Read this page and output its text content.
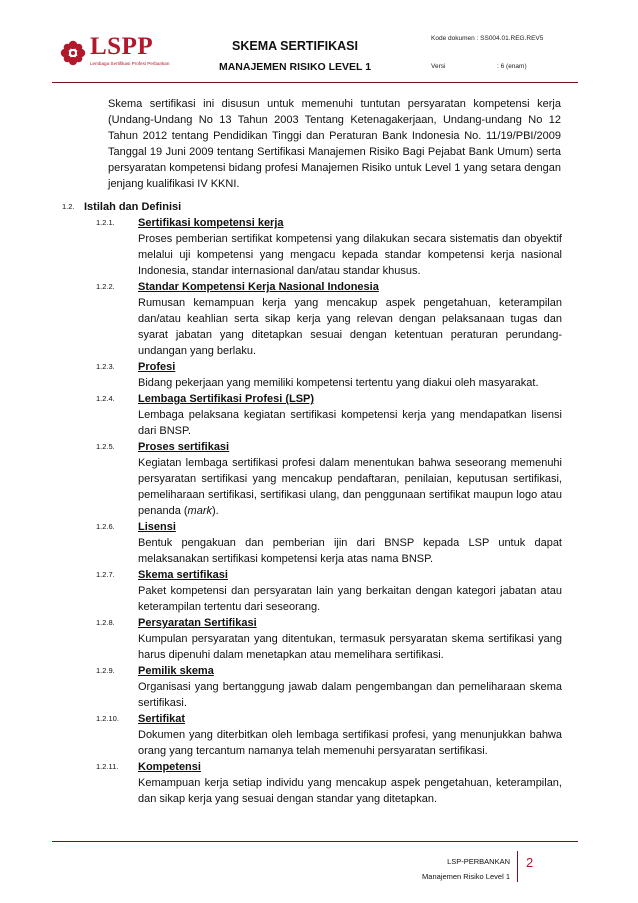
LSPP
Lembaga Sertifikasi Profesi Perbankan
SKEMA SERTIFIKASI
MANAJEMEN RISIKO LEVEL 1
Kode dokumen : SS004.01.REG.REV5
Versi	: 6 (enam)

Skema sertifikasi ini disusun untuk memenuhi tuntutan persyaratan kompetensi kerja (Undang-Undang No 13 Tahun 2003 Tentang Ketenagakerjaan, Undang-undang No 12 Tahun 2012 tentang Pendidikan Tinggi dan Peraturan Bank Indonesia No. 11/19/PBI/2009 Tanggal 19 Juni 2009 tentang Sertifikasi Manajemen Risiko Bagi Pejabat Bank Umum) serta persyaratan kompetensi bidang profesi Manajemen Risiko untuk Level 1 yang setara dengan jenjang kualifikasi IV KKNI.

1.2. Istilah dan Definisi
1.2.1.	Sertifikasi kompetensi kerja
Proses pemberian sertifikat kompetensi yang dilakukan secara sistematis dan obyektif melalui uji kompetensi yang mengacu kepada standar kompetensi kerja nasional Indonesia, standar internasional dan/atau standar khusus.
1.2.2.	Standar Kompetensi Kerja Nasional Indonesia
Rumusan kemampuan kerja yang mencakup aspek pengetahuan, keterampilan dan/atau keahlian serta sikap kerja yang relevan dengan pelaksanaan tugas dan syarat jabatan yang ditetapkan sesuai dengan ketentuan peraturan perundang-undangan yang berlaku.
1.2.3.	Profesi
Bidang pekerjaan yang memiliki kompetensi tertentu yang diakui oleh masyarakat.
1.2.4.	Lembaga Sertifikasi Profesi (LSP)
Lembaga pelaksana kegiatan sertifikasi kompetensi kerja yang mendapatkan lisensi dari BNSP.
1.2.5.	Proses sertifikasi
Kegiatan lembaga sertifikasi profesi dalam menentukan bahwa seseorang memenuhi persyaratan sertifikasi yang mencakup pendaftaran, penilaian, keputusan sertifikasi, pemeliharaan sertifikasi, sertifikasi ulang, dan penggunaan sertifikat maupun logo atau penanda (mark).
1.2.6.	Lisensi
Bentuk pengakuan dan pemberian ijin dari BNSP kepada LSP untuk dapat melaksanakan sertifikasi kompetensi kerja atas nama BNSP.
1.2.7.	Skema sertifikasi
Paket kompetensi dan persyaratan lain yang berkaitan dengan kategori jabatan atau keterampilan tertentu dari seseorang.
1.2.8.	Persyaratan Sertifikasi
Kumpulan persyaratan yang ditentukan, termasuk persyaratan skema sertifikasi yang harus dipenuhi dalam menetapkan atau memelihara sertifikasi.
1.2.9.	Pemilik skema
Organisasi yang bertanggung jawab dalam pengembangan dan pemeliharaan skema sertifikasi.
1.2.10.	Sertifikat
Dokumen yang diterbitkan oleh lembaga sertifikasi profesi, yang menunjukkan bahwa orang yang tercantum namanya telah memenuhi persyaratan sertifikasi.
1.2.11.	Kompetensi
Kemampuan kerja setiap individu yang mencakup aspek pengetahuan, keterampilan, dan sikap kerja yang sesuai dengan standar yang ditetapkan.
LSP-PERBANKAN
Manajemen Risiko Level 1
2
